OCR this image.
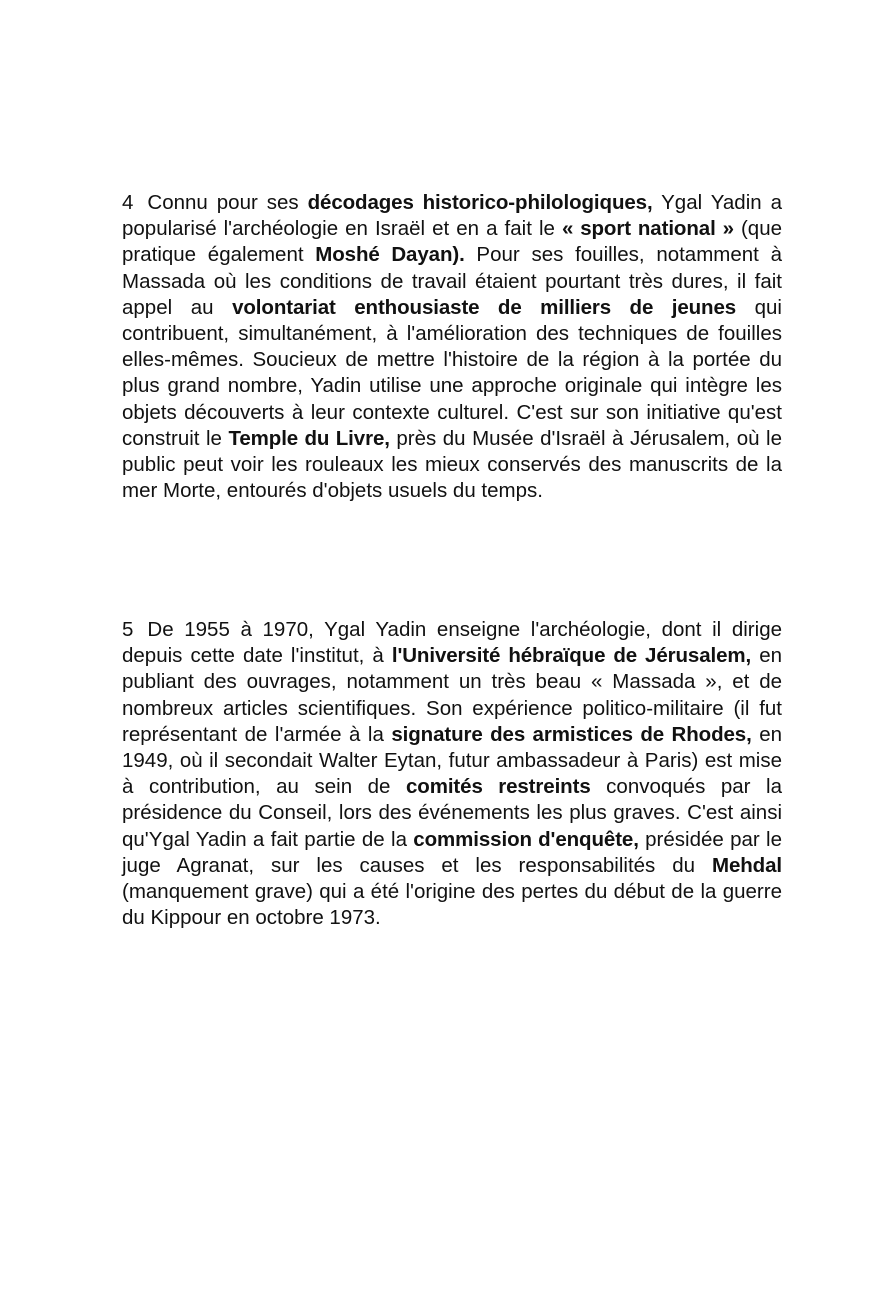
4 Connu pour ses décodages historico-philologiques, Ygal Yadin a popularisé l'archéologie en Israël et en a fait le « sport national » (que pratique également Moshé Dayan). Pour ses fouilles, notamment à Massada où les conditions de travail étaient pourtant très dures, il fait appel au volontariat enthousiaste de milliers de jeunes qui contribuent, simultanément, à l'amélioration des techniques de fouilles elles-mêmes. Soucieux de mettre l'histoire de la région à la portée du plus grand nombre, Yadin utilise une approche originale qui intègre les objets découverts à leur contexte culturel. C'est sur son initiative qu'est construit le Temple du Livre, près du Musée d'Israël à Jérusalem, où le public peut voir les rouleaux les mieux conservés des manuscrits de la mer Morte, entourés d'objets usuels du temps.

5 De 1955 à 1970, Ygal Yadin enseigne l'archéologie, dont il dirige depuis cette date l'institut, à l'Université hébraïque de Jérusalem, en publiant des ouvrages, notamment un très beau « Massada », et de nombreux articles scientifiques. Son expérience politico-militaire (il fut représentant de l'armée à la signature des armistices de Rhodes, en 1949, où il secondait Walter Eytan, futur ambassadeur à Paris) est mise à contribution, au sein de comités restreints convoqués par la présidence du Conseil, lors des événements les plus graves. C'est ainsi qu'Ygal Yadin a fait partie de la commission d'enquête, présidée par le juge Agranat, sur les causes et les responsabilités du Mehdal (manquement grave) qui a été l'origine des pertes du début de la guerre du Kippour en octobre 1973.
